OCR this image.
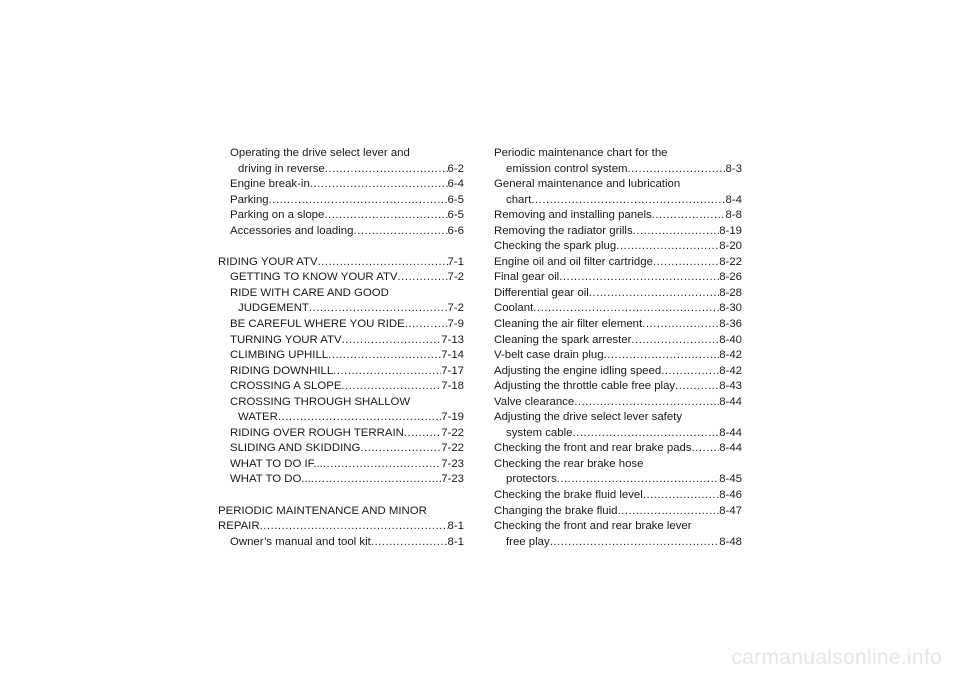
Operating the drive select lever and
driving in reverse .....	6-2
Engine break-in .....	6-4
Parking .....	6-5
Parking on a slope .....	6-5
Accessories and loading .....	6-6
RIDING YOUR ATV .....	7-1
GETTING TO KNOW YOUR ATV .....	7-2
RIDE WITH CARE AND GOOD
JUDGEMENT .....	7-2
BE CAREFUL WHERE YOU RIDE .....	7-9
TURNING YOUR ATV .....	7-13
CLIMBING UPHILL .....	7-14
RIDING DOWNHILL .....	7-17
CROSSING A SLOPE .....	7-18
CROSSING THROUGH SHALLOW
WATER .....	7-19
RIDING OVER ROUGH TERRAIN .....	7-22
SLIDING AND SKIDDING .....	7-22
WHAT TO DO IF... .....	7-23
WHAT TO DO... .....	7-23
PERIODIC MAINTENANCE AND MINOR
REPAIR .....	8-1
Owner’s manual and tool kit .....	8-1
Periodic maintenance chart for the
emission control system .....	8-3
General maintenance and lubrication
chart .....	8-4
Removing and installing panels .....	8-8
Removing the radiator grills .....	8-19
Checking the spark plug .....	8-20
Engine oil and oil filter cartridge .....	8-22
Final gear oil .....	8-26
Differential gear oil .....	8-28
Coolant .....	8-30
Cleaning the air filter element .....	8-36
Cleaning the spark arrester .....	8-40
V-belt case drain plug .....	8-42
Adjusting the engine idling speed .....	8-42
Adjusting the throttle cable free play .....	8-43
Valve clearance .....	8-44
Adjusting the drive select lever safety
system cable .....	8-44
Checking the front and rear brake pads ..... 8-44
Checking the rear brake hose
protectors .....	8-45
Checking the brake fluid level .....	8-46
Changing the brake fluid .....	8-47
Checking the front and rear brake lever
free play .....	8-48
carmanualsonline.info
